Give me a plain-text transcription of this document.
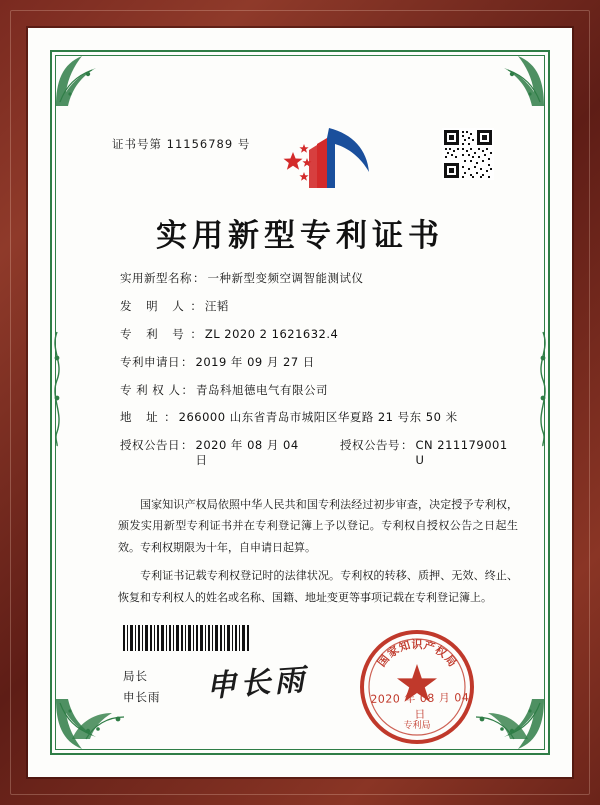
证书号第 11156789 号
实用新型专利证书
实用新型名称 ： 一种新型变频空调智能测试仪
发 明 人 ： 汪韬
专 利 号 ： ZL 2020 2 1621632.4
专利申请日 ： 2019 年 09 月 27 日
专 利 权 人 ： 青岛科旭德电气有限公司
地 址 ： 266000 山东省青岛市城阳区华夏路 21 号东 50 米
授权公告日 ： 2020 年 08 月 04 日
授权公告号 ： CN 211179001 U

国家知识产权局依照中华人民共和国专利法经过初步审查，决定授予专利权，颁发实用新型专利证书并在专利登记簿上予以登记。专利权自授权公告之日起生效。专利权期限为十年，自申请日起算。

专利证书记载专利权登记时的法律状况。专利权的转移、质押、无效、终止、恢复和专利权人的姓名或名称、国籍、地址变更等事项记载在专利登记簿上。

局长
申长雨 申长雨
国
家
知 识 产
权
局
专利局
2020 年 08 月 04 日
